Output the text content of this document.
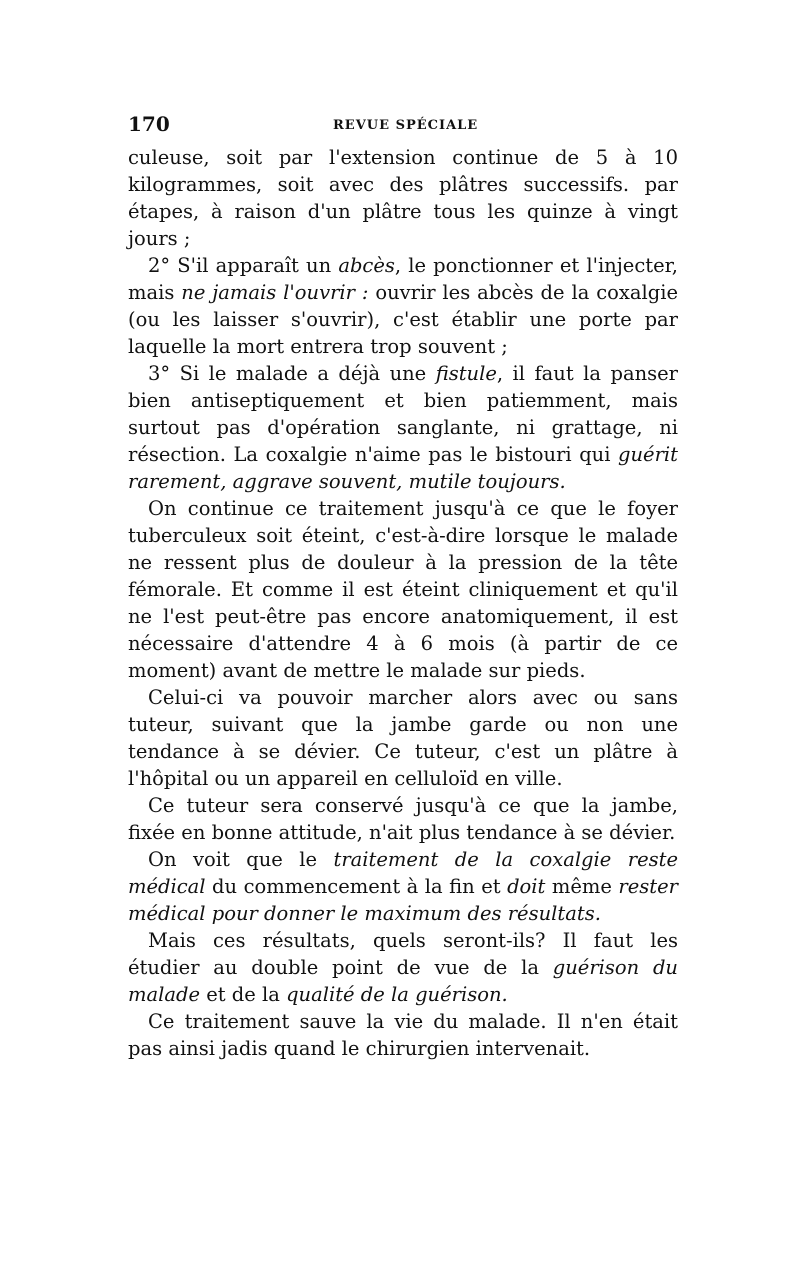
170	REVUE SPÉCIALE

culeuse, soit par l'extension continue de 5 à 10 kilogrammes, soit avec des plâtres successifs. par étapes, à raison d'un plâtre tous les quinze à vingt jours ;

2° S'il apparaît un abcès, le ponctionner et l'injecter, mais ne jamais l'ouvrir : ouvrir les abcès de la coxalgie (ou les laisser s'ouvrir), c'est établir une porte par laquelle la mort entrera trop souvent ;

3° Si le malade a déjà une fistule, il faut la panser bien antiseptiquement et bien patiemment, mais surtout pas d'opération sanglante, ni grattage, ni résection. La coxalgie n'aime pas le bistouri qui guérit rarement, aggrave souvent, mutile toujours.

On continue ce traitement jusqu'à ce que le foyer tuberculeux soit éteint, c'est-à-dire lorsque le malade ne ressent plus de douleur à la pression de la tête fémorale. Et comme il est éteint cliniquement et qu'il ne l'est peut-être pas encore anatomiquement, il est nécessaire d'attendre 4 à 6 mois (à partir de ce moment) avant de mettre le malade sur pieds.

Celui-ci va pouvoir marcher alors avec ou sans tuteur, suivant que la jambe garde ou non une tendance à se dévier. Ce tuteur, c'est un plâtre à l'hôpital ou un appareil en celluloïd en ville.

Ce tuteur sera conservé jusqu'à ce que la jambe, fixée en bonne attitude, n'ait plus tendance à se dévier.

On voit que le traitement de la coxalgie reste médical du commencement à la fin et doit même rester médical pour donner le maximum des résultats.

Mais ces résultats, quels seront-ils? Il faut les étudier au double point de vue de la guérison du malade et de la qualité de la guérison.

Ce traitement sauve la vie du malade. Il n'en était pas ainsi jadis quand le chirurgien intervenait.
